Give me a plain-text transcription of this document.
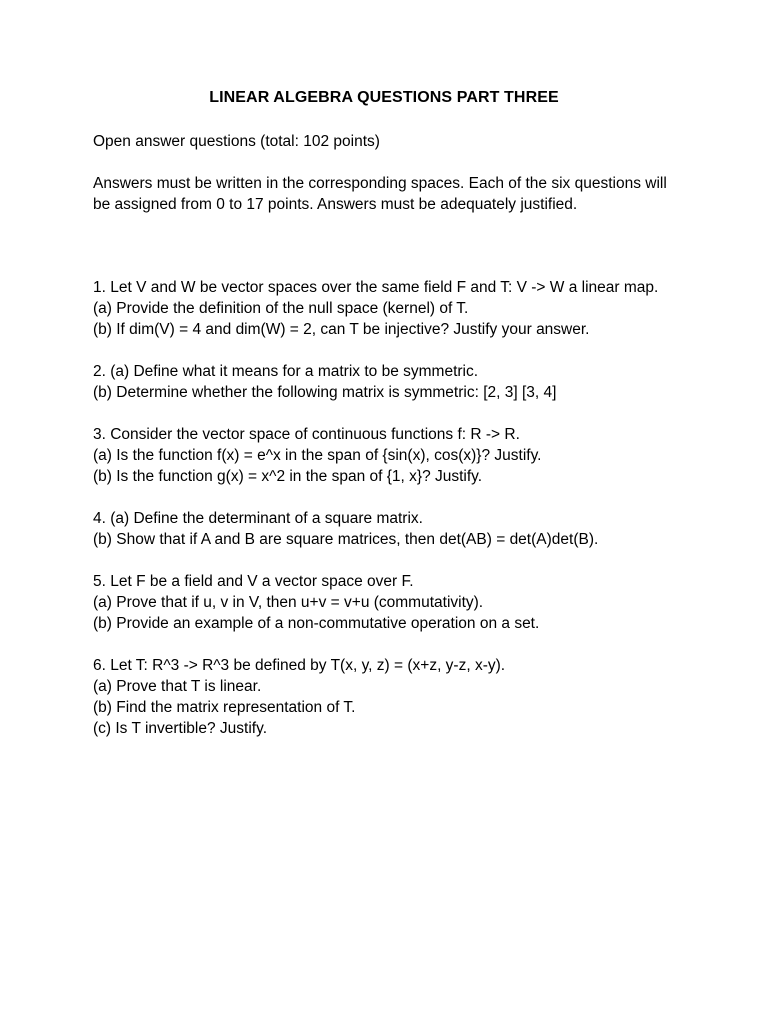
LINEAR ALGEBRA QUESTIONS PART THREE
Open answer questions (total: 102 points)
Answers must be written in the corresponding spaces. Each of the six questions will be assigned from 0 to 17 points. Answers must be adequately justified.

1. Let V and W be vector spaces over the same field F and T: V -> W a linear map.

(a) Provide the definition of the null space (kernel) of T.

(b) If dim(V) = 4 and dim(W) = 2, can T be injective? Justify your answer.

2. (a) Define what it means for a matrix to be symmetric.

(b) Determine whether the following matrix is symmetric: [2, 3] [3, 4]

3. Consider the vector space of continuous functions f: R -> R.

(a) Is the function f(x) = e^x in the span of {sin(x), cos(x)}? Justify.

(b) Is the function g(x) = x^2 in the span of {1, x}? Justify.

4. (a) Define the determinant of a square matrix.

(b) Show that if A and B are square matrices, then det(AB) = det(A)det(B).

5. Let F be a field and V a vector space over F.

(a) Prove that if u, v in V, then u+v = v+u (commutativity).

(b) Provide an example of a non-commutative operation on a set.

6. Let T: R^3 -> R^3 be defined by T(x, y, z) = (x+z, y-z, x-y).

(a) Prove that T is linear.

(b) Find the matrix representation of T.

(c) Is T invertible? Justify.
